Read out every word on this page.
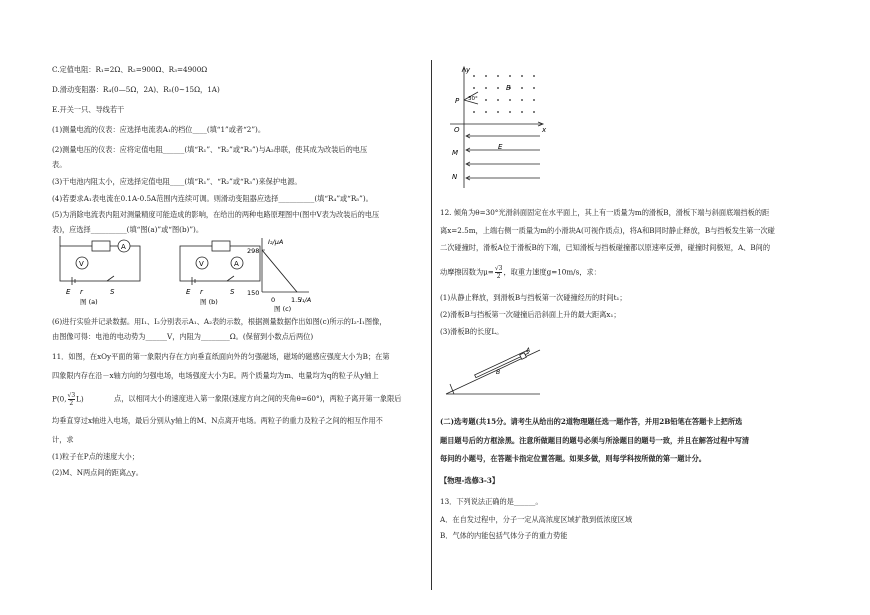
C.定值电阻：R₁=2Ω、R₂=900Ω、R₃=4900Ω
D.滑动变阻器：R₄(0—5Ω，2A)、R₅(0~15Ω，1A)
E.开关一只、导线若干
(1)测量电流的仪表：应选择电流表A₁的档位____(填“1”或者“2”)。
(2)测量电压的仪表：应将定值电阻______(填“R₁”、“R₂”或“R₃”)与A₂串联，使其成为改装后的电压
表。
(3)干电池内阻太小，应选择定值电阻____(填“R₁”、“R₂”或“R₃”)来保护电源。
(4)若要求A₁表电流在0.1A-0.5A范围内连续可调。则滑动变阻器应选择__________(填“R₄”或“R₅”)。
(5)为消除电流表内阻对测量精度可能造成的影响，在给出的两种电路原理图中(图中V表为改装后的电压
表)，应选择__________(填“图(a)”或“图(b)”)。
V
A
V	A
E r	S	E r	S
图 (a)	图 (b)
I₂/μA
298
150
0 1.5
I₁/A
图 (c)
(6)进行实验并记录数据。用I₁、I₂分别表示A₁、A₂表的示数，根据测量数据作出如图(c)所示的I₂-I₁图像，
由图像可得：电池的电动势为______V，内阻为________Ω。(保留到小数点后两位)
11．如图，在xOy平面的第一象限内存在方向垂直纸面向外的匀强磁场，磁场的磁感应强度大小为B；在第
四象限内存在沿－x轴方向的匀强电场，电场强度大小为E。两个质量均为m、电量均为q的粒子从y轴上
P(0, $\frac{√3}{2} L$)	点，以相同大小的速度进入第一象限(速度方向之间的夹角θ=60°)，两粒子离开第一象限后
均垂直穿过x轴进入电场，最后分别从y轴上的M、N点离开电场。两粒子的重力及粒子之间的相互作用不
计，求
(1)粒子在P点的速度大小；
(2)M、N两点间的距离△y。
y
x
P 30°
B
O
M
E
N
12. 倾角为θ=30°光滑斜面固定在水平面上，其上有一质量为m的滑板B，滑板下端与斜面底端挡板的距
离x=2.5m，上端右侧一质量为m的小滑块A(可视作质点)，将A和B同时静止释放，B与挡板发生第一次碰
二次碰撞时，滑板A位于滑板B的下端，已知滑板与挡板碰撞都以原速率反弹，碰撞时间极短，A、B间的
动摩擦因数为$\mu= \frac{√3}{2}$ ，取重力速度g=10m/s，求：
(1)从静止释放，到滑板B与挡板第一次碰撞经历的时间t₁；
(2)滑板B与挡板第一次碰撞后沿斜面上升的最大距离x₁；
(3)滑板B的长度L。
A
B
(二)选考题(共15分。请考生从给出的2道物理题任选一题作答，并用2B铅笔在答题卡上把所选
题目题号后的方框涂黑。注意所做题目的题号必须与所涂题目的题号一致，并且在解答过程中写清
每问的小题号，在答题卡指定位置答题。如果多做，则每学科按所做的第一题计分。
【物理-选修3-3】
13．下列说法正确的是______。
A．在自发过程中，分子一定从高浓度区域扩散到低浓度区域
B．气体的内能包括气体分子的重力势能
